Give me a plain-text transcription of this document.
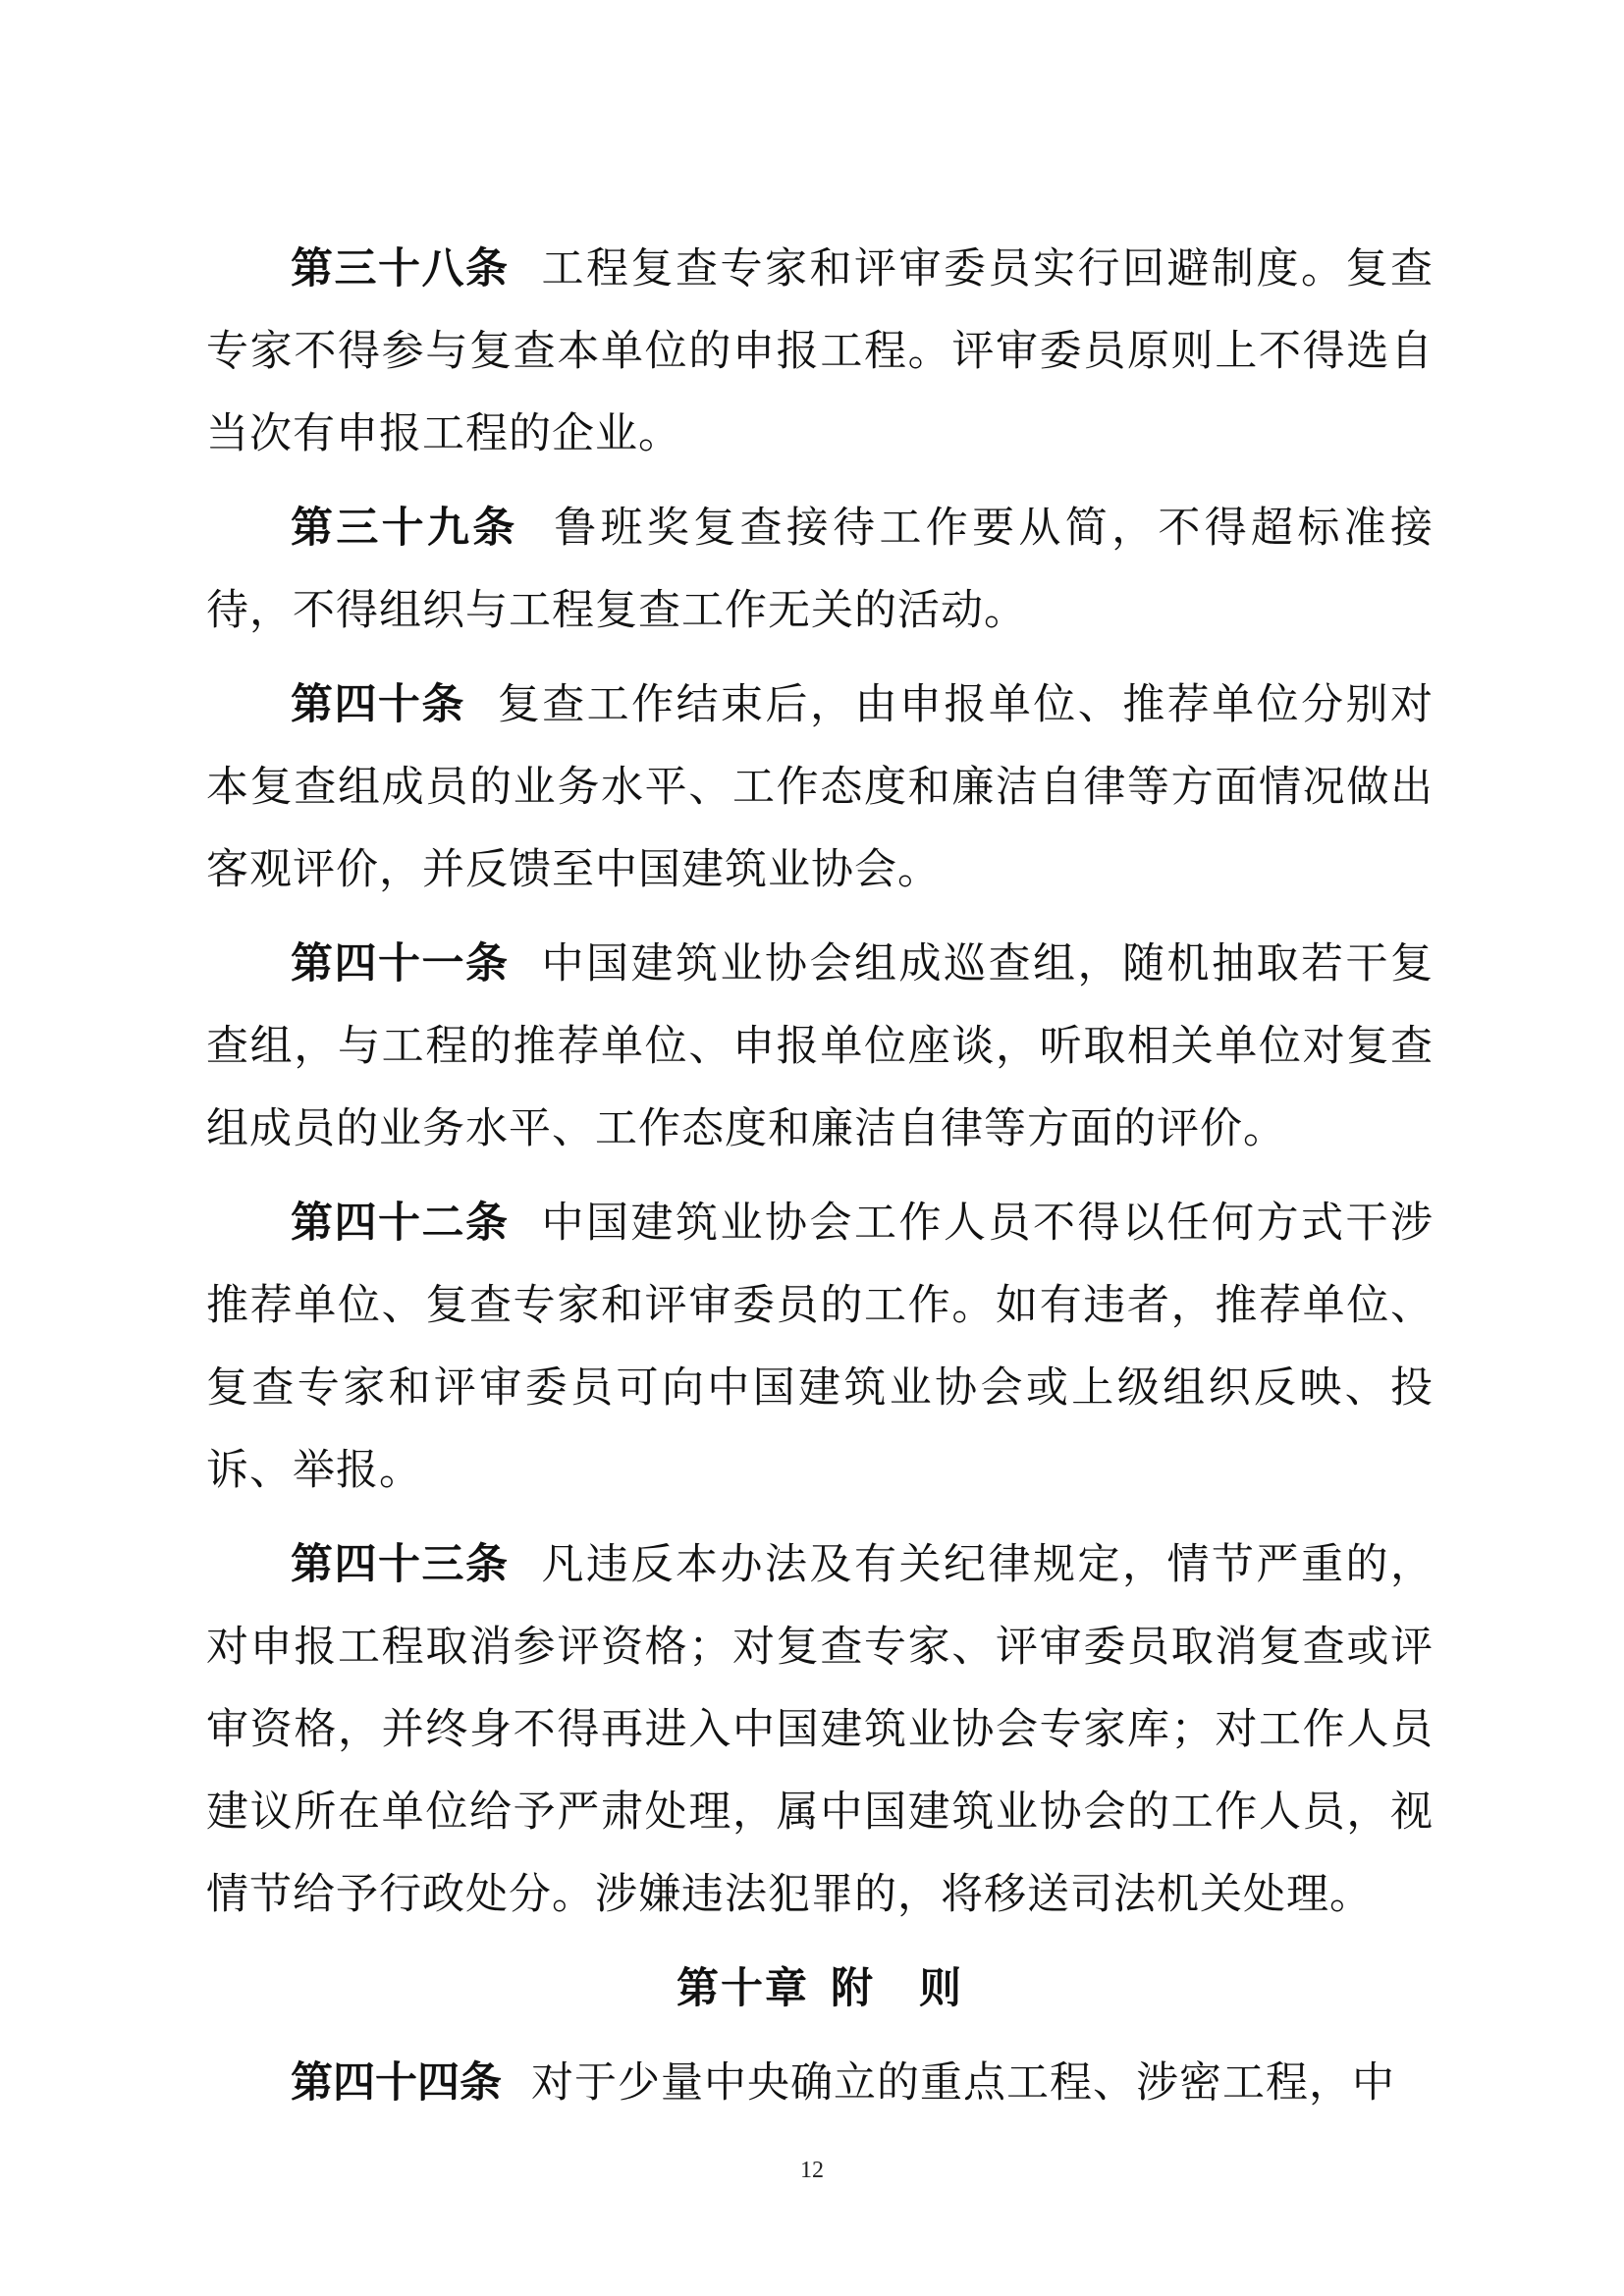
第三十八条 工程复查专家和评审委员实行回避制度。复查专家不得参与复查本单位的申报工程。评审委员原则上不得选自当次有申报工程的企业。

第三十九条 鲁班奖复查接待工作要从简，不得超标准接待，不得组织与工程复查工作无关的活动。

第四十条 复查工作结束后，由申报单位、推荐单位分别对本复查组成员的业务水平、工作态度和廉洁自律等方面情况做出客观评价，并反馈至中国建筑业协会。

第四十一条 中国建筑业协会组成巡查组，随机抽取若干复查组，与工程的推荐单位、申报单位座谈，听取相关单位对复查组成员的业务水平、工作态度和廉洁自律等方面的评价。

第四十二条 中国建筑业协会工作人员不得以任何方式干涉推荐单位、复查专家和评审委员的工作。如有违者，推荐单位、复查专家和评审委员可向中国建筑业协会或上级组织反映、投诉、举报。

第四十三条 凡违反本办法及有关纪律规定，情节严重的，对申报工程取消参评资格；对复查专家、评审委员取消复查或评审资格，并终身不得再进入中国建筑业协会专家库；对工作人员建议所在单位给予严肃处理，属中国建筑业协会的工作人员，视情节给予行政处分。涉嫌违法犯罪的，将移送司法机关处理。

第十章 附　则

第四十四条 对于少量中央确立的重点工程、涉密工程，中

12
